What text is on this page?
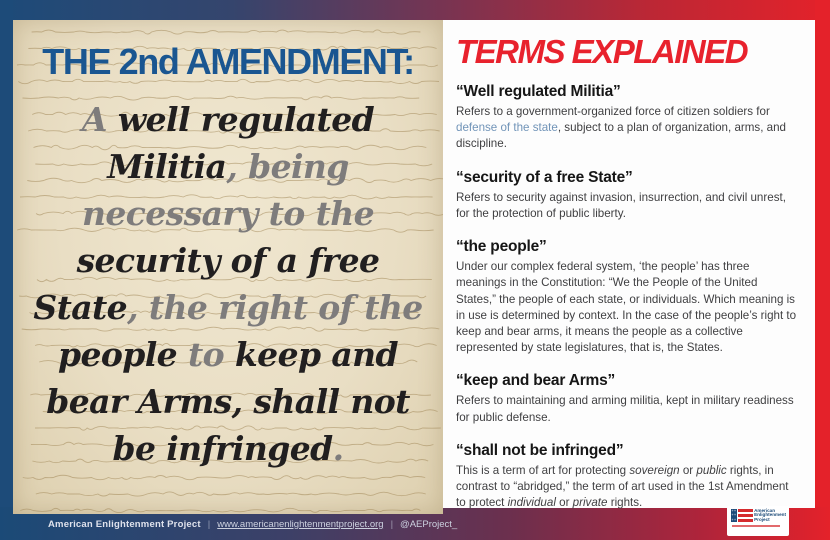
American Enlightenment Project | www.americanenlightenmentproject.org | @AEProject_
THE 2nd AMENDMENT:
A well regulated
Militia, being
necessary to the
security of a free
State, the right of the
people to keep and
bear Arms, shall not
be infringed.
TERMS EXPLAINED
“Well regulated Militia”

Refers to a government-organized force of citizen soldiers for defense of the state, subject to a plan of organization, arms, and discipline.

“security of a free State”

Refers to security against invasion, insurrection, and civil unrest, for the protection of public liberty.

“the people”

Under our complex federal system, ‘the people’ has three meanings in the Constitution: “We the People of the United States,” the people of each state, or individuals. Which meaning is in use is determined by context. In the case of the people’s right to keep and bear arms, it means the people as a collective represented by state legislatures, that is, the States.

“keep and bear Arms”

Refers to maintaining and arming militia, kept in military readiness for public defense.

“shall not be infringed”

This is a term of art for protecting sovereign or public rights, in contrast to “abridged,” the term of art used in the 1st Amendment to protect individual or private rights.

++ ++ ++
American
Enlightenment
Project
